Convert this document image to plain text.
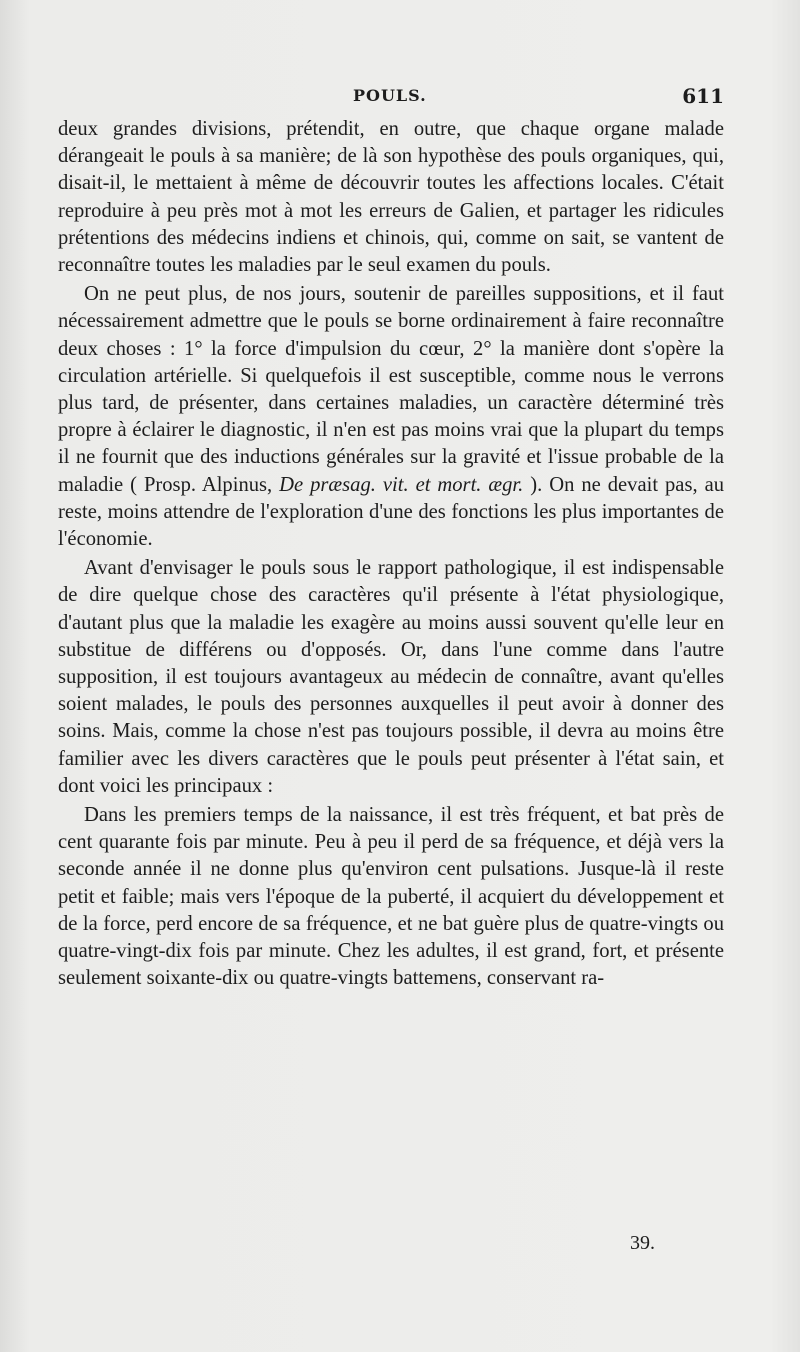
POULS.	611

deux grandes divisions, prétendit, en outre, que chaque organe malade dérangeait le pouls à sa manière; de là son hypothèse des pouls organiques, qui, disait-il, le mettaient à même de découvrir toutes les affections locales. C'était reproduire à peu près mot à mot les erreurs de Galien, et partager les ridicules prétentions des médecins indiens et chinois, qui, comme on sait, se vantent de reconnaître toutes les maladies par le seul examen du pouls.

On ne peut plus, de nos jours, soutenir de pareilles suppositions, et il faut nécessairement admettre que le pouls se borne ordinairement à faire reconnaître deux choses : 1° la force d'impulsion du cœur, 2° la manière dont s'opère la circulation artérielle. Si quelquefois il est susceptible, comme nous le verrons plus tard, de présenter, dans certaines maladies, un caractère déterminé très propre à éclairer le diagnostic, il n'en est pas moins vrai que la plupart du temps il ne fournit que des inductions générales sur la gravité et l'issue probable de la maladie ( Prosp. Alpinus, De præsag. vit. et mort. ægr. ). On ne devait pas, au reste, moins attendre de l'exploration d'une des fonctions les plus importantes de l'économie.

Avant d'envisager le pouls sous le rapport pathologique, il est indispensable de dire quelque chose des caractères qu'il présente à l'état physiologique, d'autant plus que la maladie les exagère au moins aussi souvent qu'elle leur en substitue de différens ou d'opposés. Or, dans l'une comme dans l'autre supposition, il est toujours avantageux au médecin de connaître, avant qu'elles soient malades, le pouls des personnes auxquelles il peut avoir à donner des soins. Mais, comme la chose n'est pas toujours possible, il devra au moins être familier avec les divers caractères que le pouls peut présenter à l'état sain, et dont voici les principaux :

Dans les premiers temps de la naissance, il est très fréquent, et bat près de cent quarante fois par minute. Peu à peu il perd de sa fréquence, et déjà vers la seconde année il ne donne plus qu'environ cent pulsations. Jusque-là il reste petit et faible; mais vers l'époque de la puberté, il acquiert du développement et de la force, perd encore de sa fréquence, et ne bat guère plus de quatre-vingts ou quatre-vingt-dix fois par minute. Chez les adultes, il est grand, fort, et présente seulement soixante-dix ou quatre-vingts battemens, conservant ra-

39.
